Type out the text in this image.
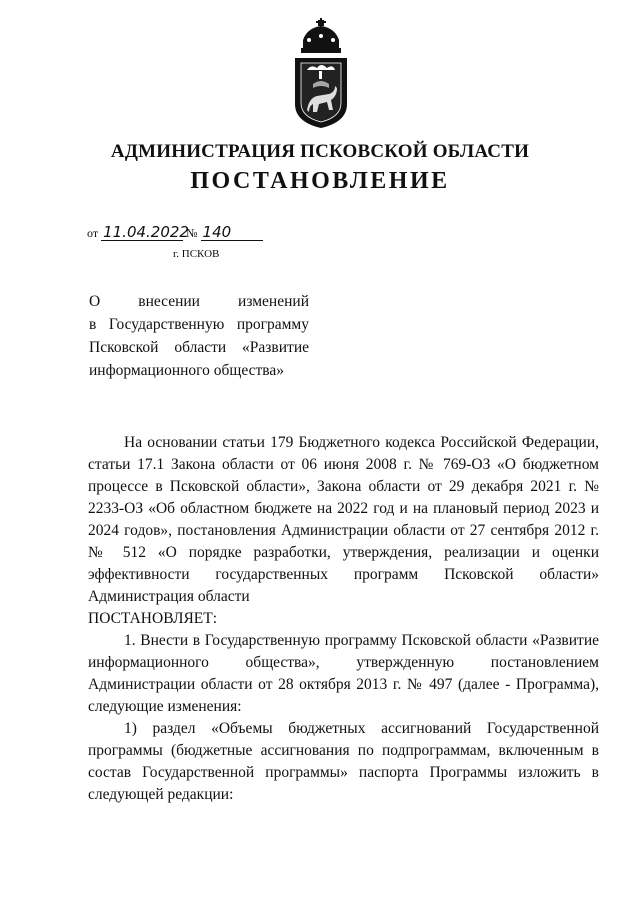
АДМИНИСТРАЦИЯ ПСКОВСКОЙ ОБЛАСТИ
ПОСТАНОВЛЕНИЕ
от 11.04.2022 № 140
г. ПСКОВ
О внесении изменений
в Государственную программу
Псковской области «Развитие
информационного общества»

На основании статьи 179 Бюджетного кодекса Российской Федерации, статьи 17.1 Закона области от 06 июня 2008 г. № 769-ОЗ «О бюджетном процессе в Псковской области», Закона области от 29 декабря 2021 г. № 2233-ОЗ «Об областном бюджете на 2022 год и на плановый период 2023 и 2024 годов», постановления Администрации области от 27 сентября 2012 г. № 512 «О порядке разработки, утверждения, реализации и оценки эффективности государственных программ Псковской области» Администрация области

ПОСТАНОВЛЯЕТ:

1. Внести в Государственную программу Псковской области «Развитие информационного общества», утвержденную постановлением Администрации области от 28 октября 2013 г. № 497 (далее - Программа), следующие изменения:

1) раздел «Объемы бюджетных ассигнований Государственной программы (бюджетные ассигнования по подпрограммам, включенным в состав Государственной программы» паспорта Программы изложить в следующей редакции:
